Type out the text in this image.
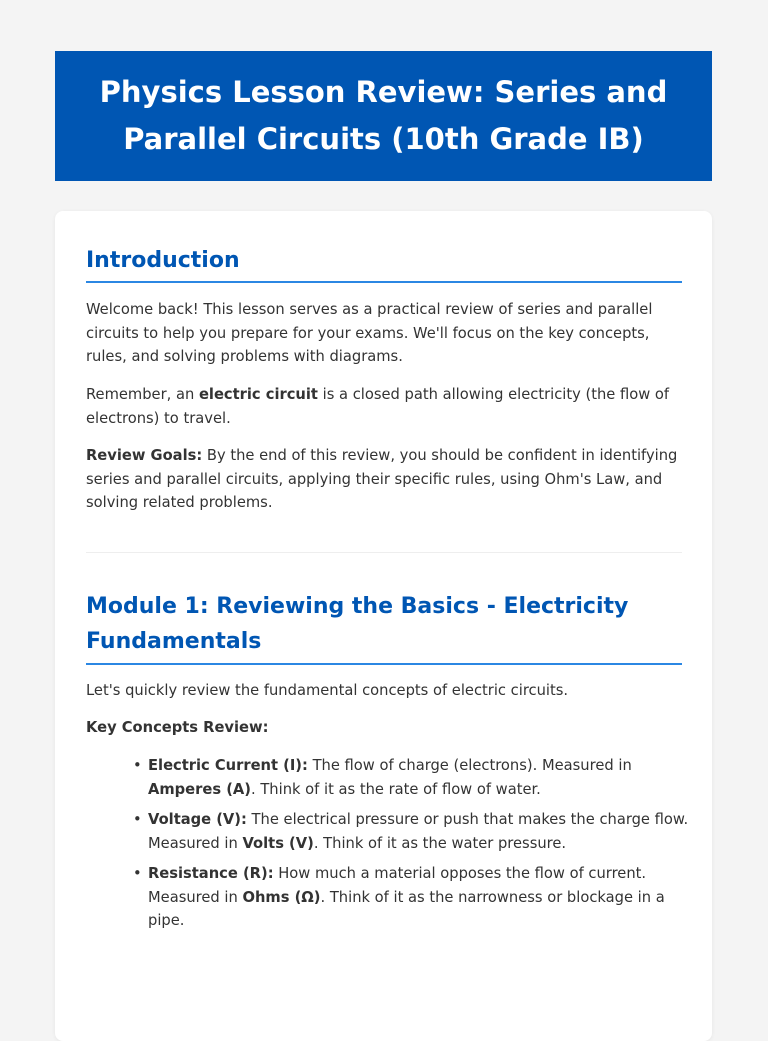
Physics Lesson Review: Series and Parallel Circuits (10th Grade IB)
Introduction

Welcome back! This lesson serves as a practical review of series and parallel circuits to help you prepare for your exams. We'll focus on the key concepts, rules, and solving problems with diagrams.

Remember, an electric circuit is a closed path allowing electricity (the flow of electrons) to travel.

Review Goals: By the end of this review, you should be confident in identifying series and parallel circuits, applying their specific rules, using Ohm's Law, and solving related problems.

Module 1: Reviewing the Basics - Electricity Fundamentals

Let's quickly review the fundamental concepts of electric circuits.

Key Concepts Review:

• Electric Current (I): The flow of charge (electrons). Measured in Amperes (A). Think of it as the rate of flow of water.
• Voltage (V): The electrical pressure or push that makes the charge flow. Measured in Volts (V). Think of it as the water pressure.
• Resistance (R): How much a material opposes the flow of current. Measured in Ohms (Ω). Think of it as the narrowness or blockage in a pipe.
